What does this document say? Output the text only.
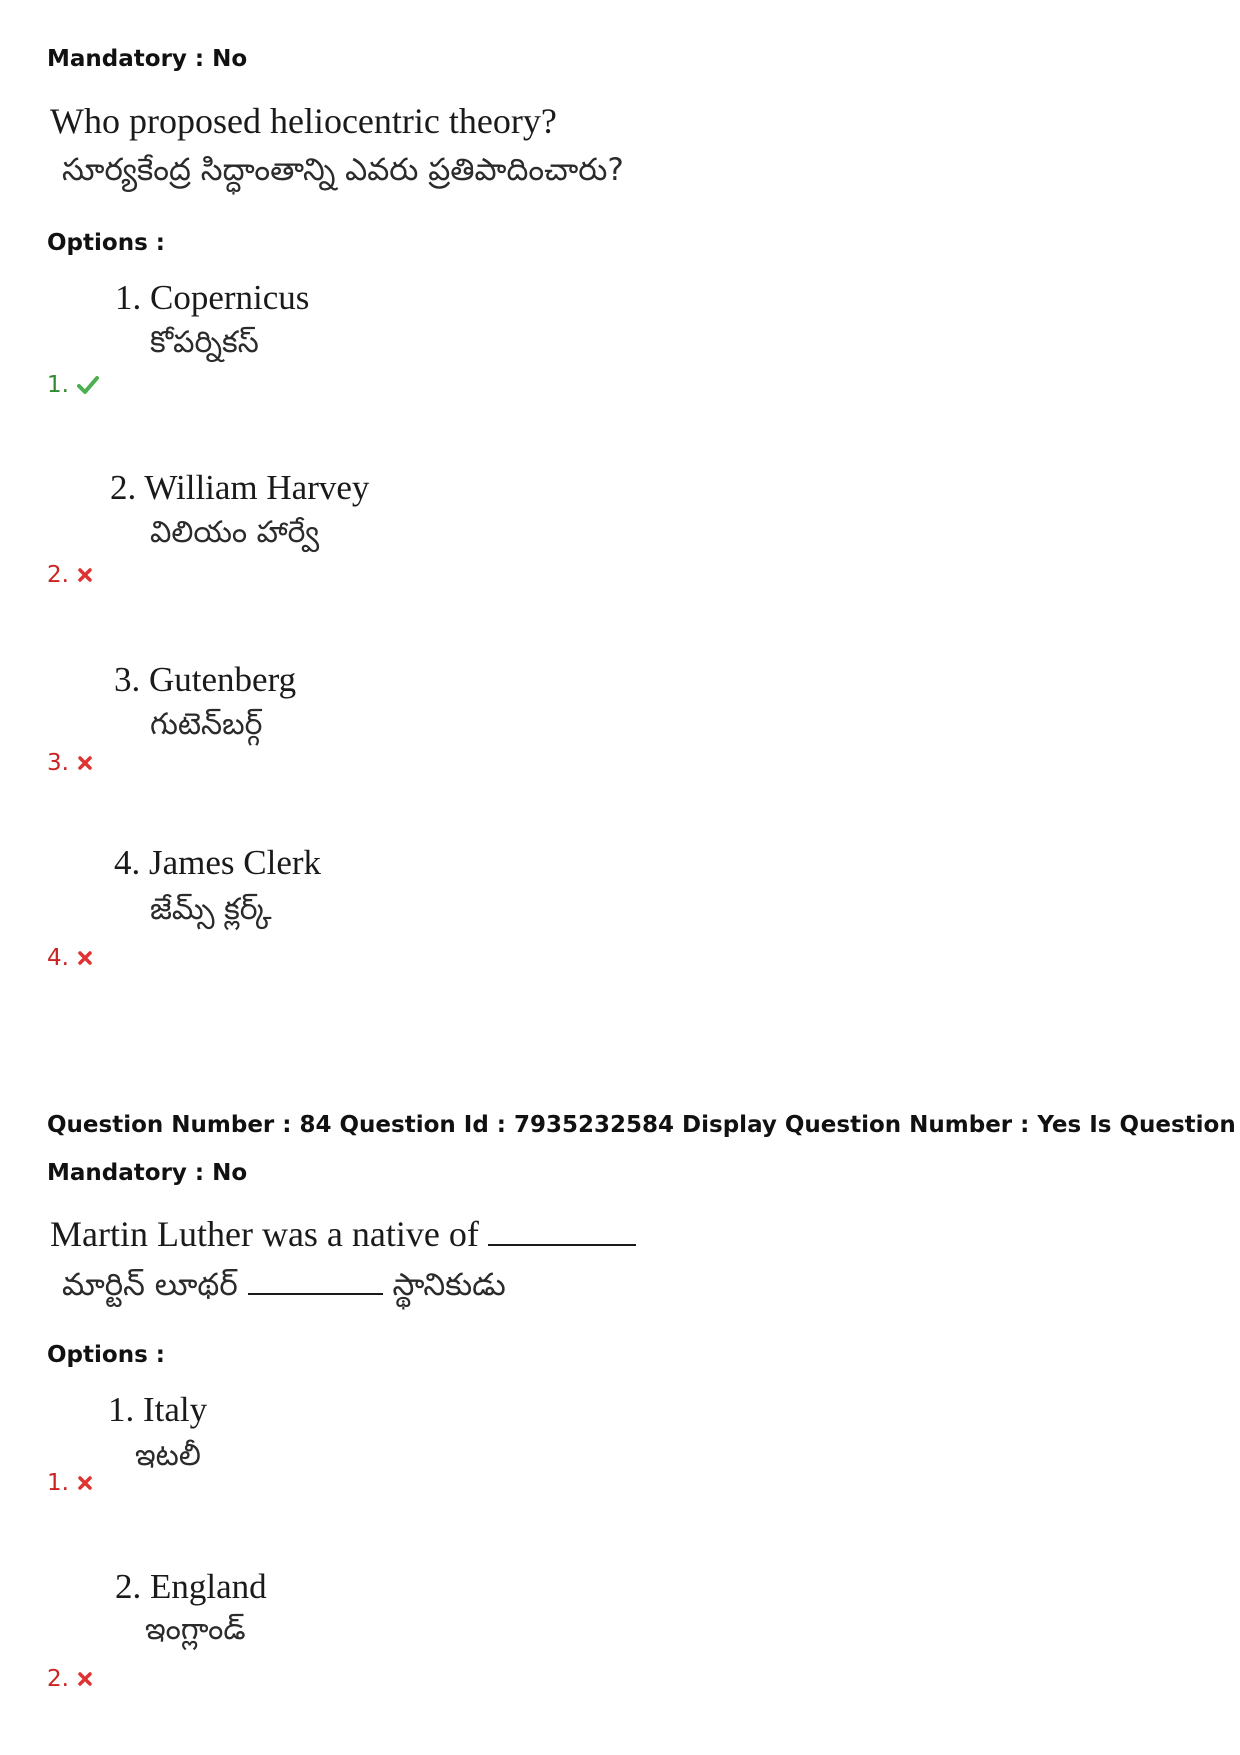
Mandatory : No
Who proposed heliocentric theory?
సూర్యకేంద్ర సిద్ధాంతాన్ని ఎవరు ప్రతిపాదించారు?
Options :
1. Copernicus
కోపర్నికస్
1.
2. William Harvey
విలియం హార్వే
2.
3. Gutenberg
గుటెన్‌బర్గ్
3.
4. James Clerk
జేమ్స్ క్లర్క్
4.
Question Number : 84 Question Id : 7935232584 Display Question Number : Yes Is Question
Mandatory : No
Martin Luther was a native of
మార్టిన్ లూథర్	స్థానికుడు
Options :
1. Italy
ఇటలీ
1.
2. England
ఇంగ్లాండ్
2.
